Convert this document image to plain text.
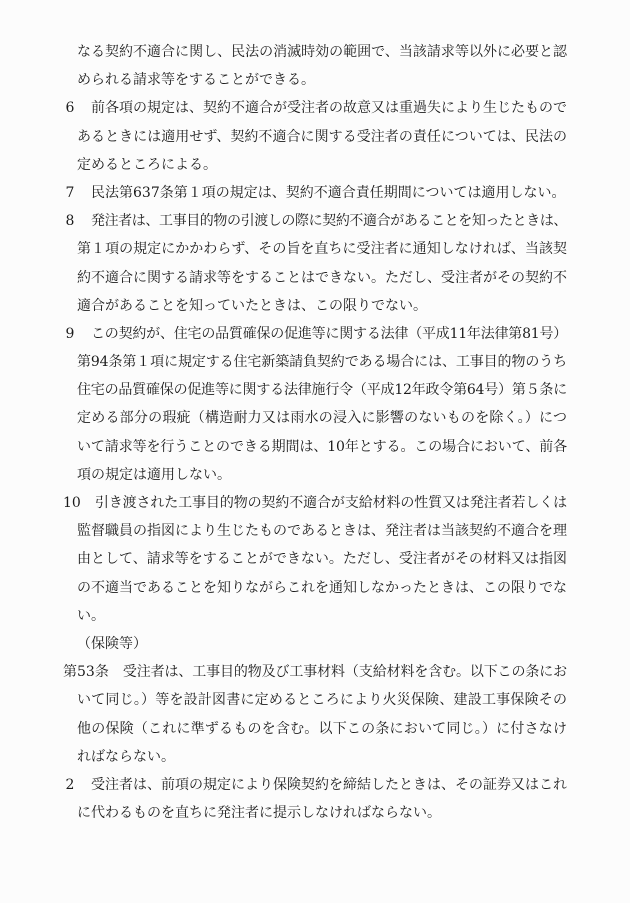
なる契約不適合に関し、民法の消滅時効の範囲で、当該請求等以外に必要と認
められる請求等をすることができる。
6 前各項の規定は、契約不適合が受注者の故意又は重過失により生じたもので
あるときには適用せず、契約不適合に関する受注者の責任については、民法の
定めるところによる。
7 民法第637条第１項の規定は、契約不適合責任期間については適用しない。
8 発注者は、工事目的物の引渡しの際に契約不適合があることを知ったときは、
第１項の規定にかかわらず、その旨を直ちに受注者に通知しなければ、当該契
約不適合に関する請求等をすることはできない。ただし、受注者がその契約不
適合があることを知っていたときは、この限りでない。
9 この契約が、住宅の品質確保の促進等に関する法律（平成11年法律第81号）
第94条第１項に規定する住宅新築請負契約である場合には、工事目的物のうち
住宅の品質確保の促進等に関する法律施行令（平成12年政令第64号）第５条に
定める部分の瑕疵（構造耐力又は雨水の浸入に影響のないものを除く。）につ
いて請求等を行うことのできる期間は、10年とする。この場合において、前各
項の規定は適用しない。
10 引き渡された工事目的物の契約不適合が支給材料の性質又は発注者若しくは
監督職員の指図により生じたものであるときは、発注者は当該契約不適合を理
由として、請求等をすることができない。ただし、受注者がその材料又は指図
の不適当であることを知りながらこれを通知しなかったときは、この限りでな
い。
（保険等）
第53条 受注者は、工事目的物及び工事材料（支給材料を含む。以下この条にお
いて同じ。）等を設計図書に定めるところにより火災保険、建設工事保険その
他の保険（これに準ずるものを含む。以下この条において同じ。）に付さなけ
ればならない。
2 受注者は、前項の規定により保険契約を締結したときは、その証券又はこれ
に代わるものを直ちに発注者に提示しなければならない。
